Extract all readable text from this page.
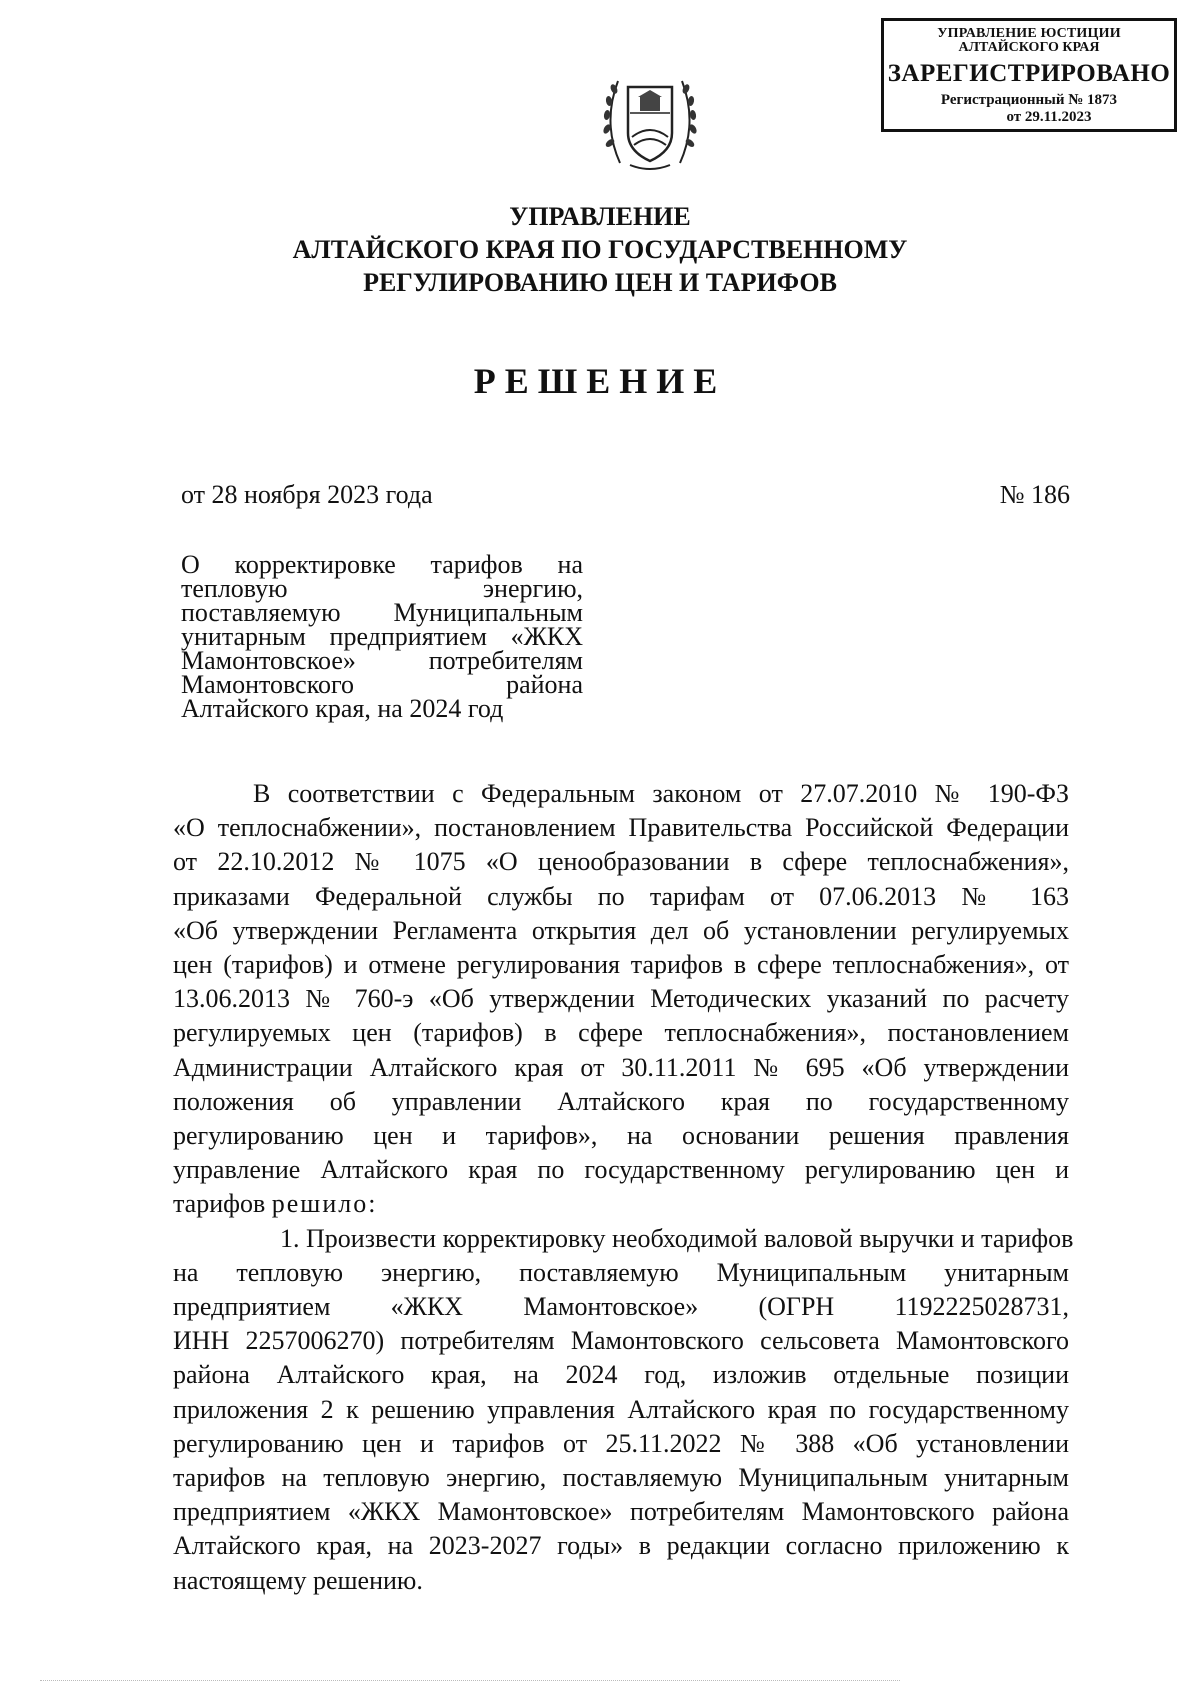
УПРАВЛЕНИЕ ЮСТИЦИИ
АЛТАЙСКОГО КРАЯ
ЗАРЕГИСТРИРОВАНО
Регистрационный № 1873
от 29.11.2023
УПРАВЛЕНИЕ
АЛТАЙСКОГО КРАЯ ПО ГОСУДАРСТВЕННОМУ
РЕГУЛИРОВАНИЮ ЦЕН И ТАРИФОВ
РЕШЕНИЕ
от 28 ноября 2023 года	№ 186
О корректировке тарифов на
тепловую энергию,
поставляемую Муниципальным
унитарным предприятием «ЖКХ
Мамонтовское» потребителям
Мамонтовского района
Алтайского края, на 2024 год
В соответствии с Федеральным законом от 27.07.2010 № 190-ФЗ
«О теплоснабжении», постановлением Правительства Российской Федерации
от 22.10.2012 № 1075 «О ценообразовании в сфере теплоснабжения»,
приказами Федеральной службы по тарифам от 07.06.2013 № 163
«Об утверждении Регламента открытия дел об установлении регулируемых
цен (тарифов) и отмене регулирования тарифов в сфере теплоснабжения», от
13.06.2013 № 760-э «Об утверждении Методических указаний по расчету
регулируемых цен (тарифов) в сфере теплоснабжения», постановлением
Администрации Алтайского края от 30.11.2011 № 695 «Об утверждении
положения об управлении Алтайского края по государственному
регулированию цен и тарифов», на основании решения правления
управление Алтайского края по государственному регулированию цен и
тарифов решило:
1. Произвести корректировку необходимой валовой выручки и тарифов
на тепловую энергию, поставляемую Муниципальным унитарным
предприятием «ЖКХ Мамонтовское» (ОГРН 1192225028731,
ИНН 2257006270) потребителям Мамонтовского сельсовета Мамонтовского
района Алтайского края, на 2024 год, изложив отдельные позиции
приложения 2 к решению управления Алтайского края по государственному
регулированию цен и тарифов от 25.11.2022 № 388 «Об установлении
тарифов на тепловую энергию, поставляемую Муниципальным унитарным
предприятием «ЖКХ Мамонтовское» потребителям Мамонтовского района
Алтайского края, на 2023-2027 годы» в редакции согласно приложению к
настоящему решению.
